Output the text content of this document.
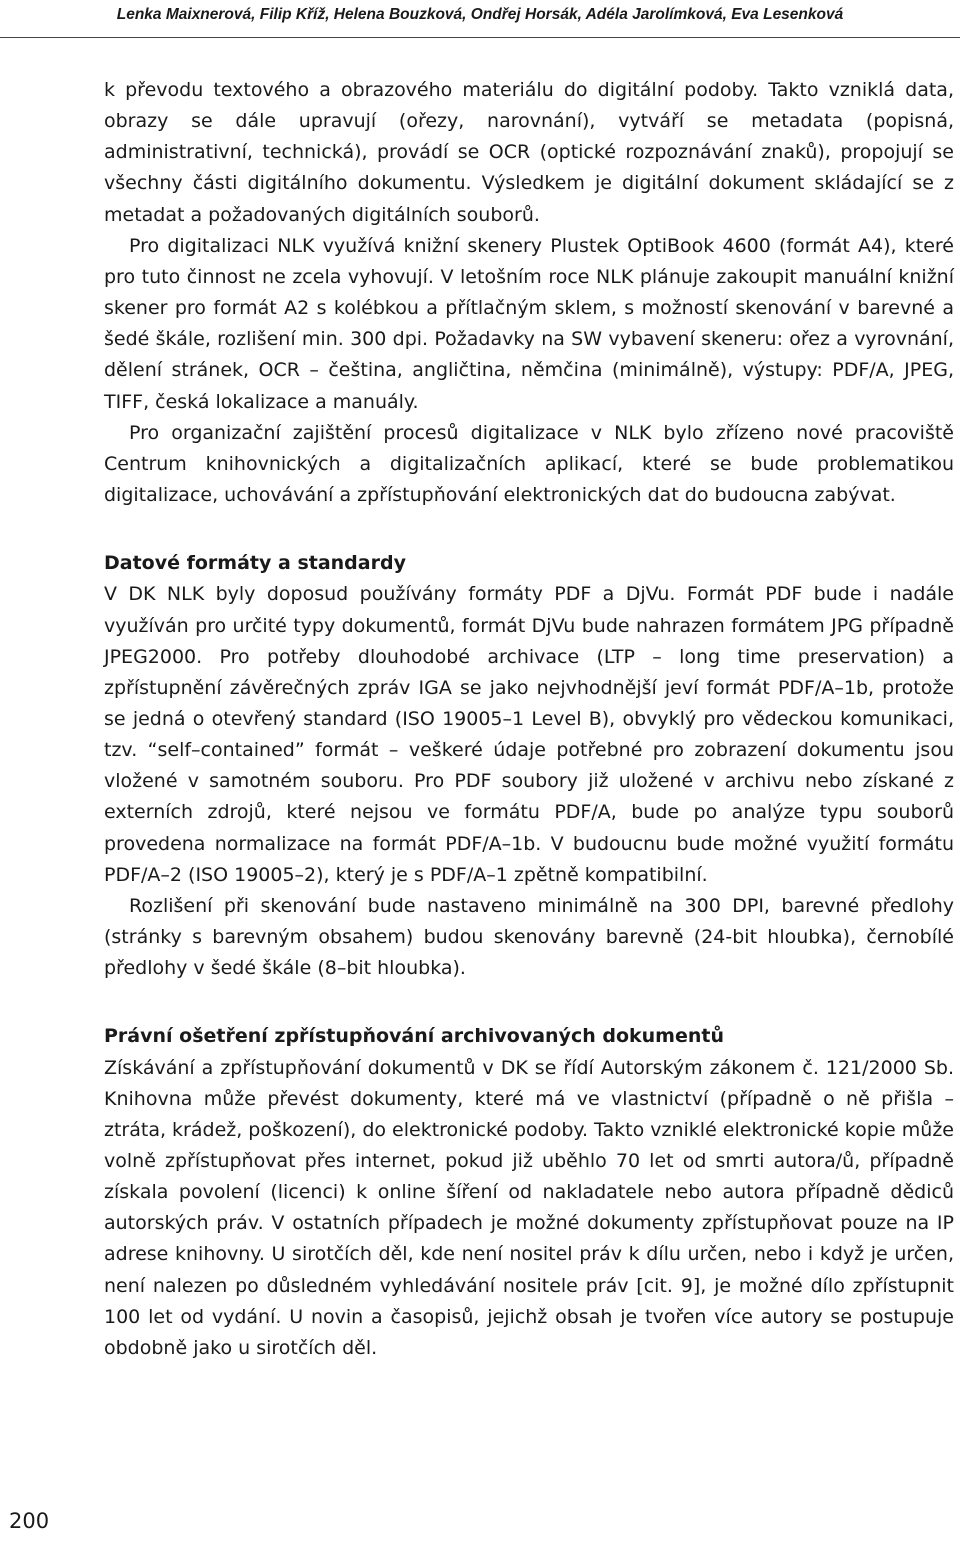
Lenka Maixnerová, Filip Kříž, Helena Bouzková, Ondřej Horsák, Adéla Jarolímková, Eva Lesenková

k převodu textového a obrazového materiálu do digitální podoby. Takto vzniklá data, obrazy se dále upravují (ořezy, narovnání), vytváří se metadata (popisná, administrativní, technická), provádí se OCR (optické rozpoznávání znaků), propojují se všechny části digitálního dokumentu. Výsledkem je digitální dokument skládající se z metadat a požadovaných digitálních souborů.

Pro digitalizaci NLK využívá knižní skenery Plustek OptiBook 4600 (formát A4), které pro tuto činnost ne zcela vyhovují. V letošním roce NLK plánuje zakoupit manuální knižní skener pro formát A2 s kolébkou a přítlačným sklem, s možností skenování v barevné a šedé škále, rozlišení min. 300 dpi. Požadavky na SW vybavení skeneru: ořez a vyrovnání, dělení stránek, OCR – čeština, angličtina, němčina (minimálně), výstupy: PDF/A, JPEG, TIFF, česká lokalizace a manuály.

Pro organizační zajištění procesů digitalizace v NLK bylo zřízeno nové pracoviště Centrum knihovnických a digitalizačních aplikací, které se bude problematikou digitalizace, uchovávání a zpřístupňování elektronických dat do budoucna zabývat.

Datové formáty a standardy

V DK NLK byly doposud používány formáty PDF a DjVu. Formát PDF bude i nadále využíván pro určité typy dokumentů, formát DjVu bude nahrazen formátem JPG případně JPEG2000. Pro potřeby dlouhodobé archivace (LTP – long time preservation) a zpřístupnění závěrečných zpráv IGA se jako nejvhodnější jeví formát PDF/A–1b, protože se jedná o otevřený standard (ISO 19005–1 Level B), obvyklý pro vědeckou komunikaci, tzv. “self–contained” formát – veškeré údaje potřebné pro zobrazení dokumentu jsou vložené v samotném souboru. Pro PDF soubory již uložené v archivu nebo získané z externích zdrojů, které nejsou ve formátu PDF/A, bude po analýze typu souborů provedena normalizace na formát PDF/A–1b. V budoucnu bude možné využití formátu PDF/A–2 (ISO 19005–2), který je s PDF/A–1 zpětně kompatibilní.

Rozlišení při skenování bude nastaveno minimálně na 300 DPI, barevné předlohy (stránky s barevným obsahem) budou skenovány barevně (24-bit hloubka), černobílé předlohy v šedé škále (8–bit hloubka).

Právní ošetření zpřístupňování archivovaných dokumentů

Získávání a zpřístupňování dokumentů v DK se řídí Autorským zákonem č. 121/2000 Sb. Knihovna může převést dokumenty, které má ve vlastnictví (případně o ně přišla – ztráta, krádež, poškození), do elektronické podoby. Takto vzniklé elektronické kopie může volně zpřístupňovat přes internet, pokud již uběhlo 70 let od smrti autora/ů, případně získala povolení (licenci) k online šíření od nakladatele nebo autora případně dědiců autorských práv. V ostatních případech je možné dokumenty zpřístupňovat pouze na IP adrese knihovny. U sirotčích děl, kde není nositel práv k dílu určen, nebo i když je určen, není nalezen po důsledném vyhledávání nositele práv [cit. 9], je možné dílo zpřístupnit 100 let od vydání. U novin a časopisů, jejichž obsah je tvořen více autory se postupuje obdobně jako u sirotčích děl.

200
